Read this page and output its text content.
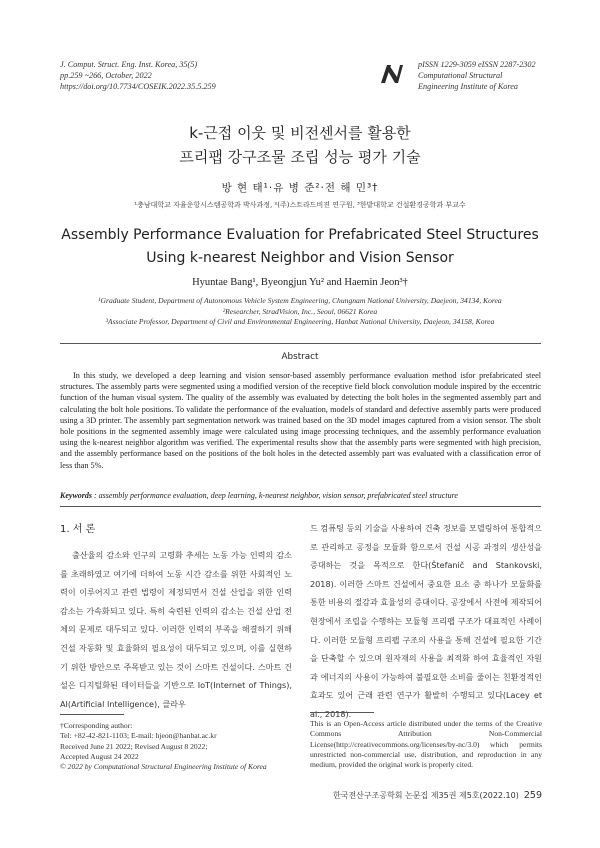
J. Comput. Struct. Eng. Inst. Korea, 35(5)
pp.259 ~266, October, 2022
https://doi.org/10.7734/COSEIK.2022.35.5.259
pISSN 1229-3059 eISSN 2287-2302
Computational Structural
Engineering Institute of Korea
k-근접 이웃 및 비전센서를 활용한
프리팹 강구조물 조립 성능 평가 기술
방 현 태¹·유 병 준²·전 해 민³†
¹충남대학교 자율운항시스템공학과 박사과정, ²(주)스트라드비젼 연구원, ³한밭대학교 건설환경공학과 부교수
Assembly Performance Evaluation for Prefabricated Steel Structures
Using k-nearest Neighbor and Vision Sensor
Hyuntae Bang¹, Byeongjun Yu² and Haemin Jeon³†
¹Graduate Student, Department of Autonomous Vehicle System Engineering, Chungnam National University, Daejeon, 34134, Korea
²Researcher, StradVision, Inc., Seoul, 06621 Korea
³Associate Professor, Department of Civil and Environmental Engineering, Hanbat National University, Daejeon, 34158, Korea
Abstract
In this study, we developed a deep learning and vision sensor-based assembly performance evaluation method isfor prefabricated steel structures. The assembly parts were segmented using a modified version of the receptive field block convolution module inspired by the eccentric function of the human visual system. The quality of the assembly was evaluated by detecting the bolt holes in the segmented assembly part and calculating the bolt hole positions. To validate the performance of the evaluation, models of standard and defective assembly parts were produced using a 3D printer. The assembly part segmentation network was trained based on the 3D model images captured from a vision sensor. The sbolt hole positions in the segmented assembly image were calculated using image processing techniques, and the assembly performance evaluation using the k-nearest neighbor algorithm was verified. The experimental results show that the assembly parts were segmented with high precision, and the assembly performance based on the positions of the bolt holes in the detected assembly part was evaluated with a classification error of less than 5%.
Keywords : assembly performance evaluation, deep learning, k-nearest neighbor, vision sensor, prefabricated steel structure
1. 서 론
출산율의 감소와 인구의 고령화 추세는 노동 가능 인력의 감소를 초래하였고 여기에 더하여 노동 시간 감소를 위한 사회적인 노력이 이루어지고 관련 법령이 제정되면서 건설 산업을 위한 인력 감소는 가속화되고 있다. 특히 숙련된 인력의 감소는 건설 산업 전체의 문제로 대두되고 있다. 이러한 인력의 부족을 해결하기 위해 건설 자동화 및 효율화의 필요성이 대두되고 있으며, 이를 실현하기 위한 방안으로 주목받고 있는 것이 스마트 건설이다. 스마트 건설은 디지털화된 데이터들을 기반으로 IoT(Internet of Things), AI(Artificial Intelligence), 클라우
드 컴퓨팅 등의 기술을 사용하여 건축 정보를 모델링하여 통합적으로 관리하고 공정을 모듈화 함으로서 건설 시공 과정의 생산성을 증대하는 것을 목적으로 한다(Štefanič and Stankovski, 2018). 이러한 스마트 건설에서 중요한 요소 중 하나가 모듈화를 통한 비용의 절감과 효율성의 증대이다. 공장에서 사전에 제작되어 현장에서 조립을 수행하는 모듈형 프리팹 구조가 대표적인 사례이다. 이러한 모듈형 프리팹 구조의 사용을 통해 건설에 필요한 기간을 단축할 수 있으며 원자재의 사용을 최적화 하여 효율적인 자원과 에너지의 사용이 가능하여 불필요한 소비를 줄이는 친환경적인 효과도 있어 근래 관련 연구가 활발히 수행되고 있다(Lacey et al., 2018).
†Corresponding author:
Tel: +82-42-821-1103; E-mail: hjeon@hanbat.ac.kr
Received June 21 2022; Revised August 8 2022;
Accepted August 24 2022
© 2022 by Computational Structural Engineering Institute of Korea
This is an Open-Access article distributed under the terms of the Creative Commons Attribution Non-Commercial License(http://creativecommons.org/licenses/by-nc/3.0) which permits unrestricted non-commercial use, distribution, and reproduction in any medium, provided the original work is properly cited.
한국전산구조공학회 논문집 제35권 제5호(2022.10) 259
